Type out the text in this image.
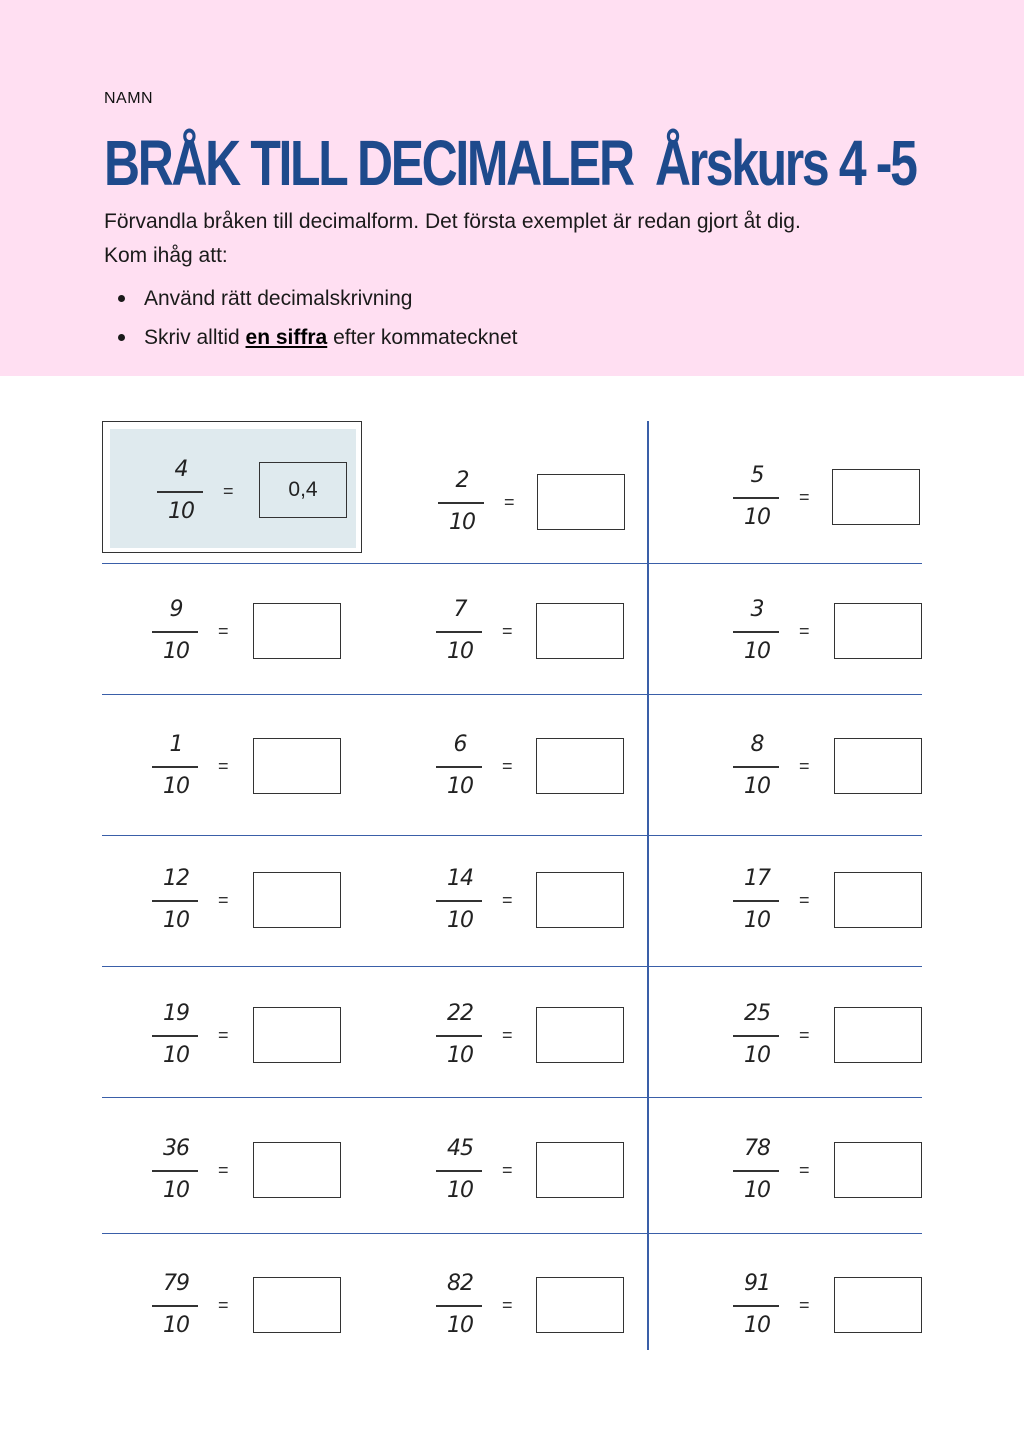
NAMN
BRÅK TILL DECIMALER Årskurs 4 -5
Förvandla bråken till decimalform. Det första exemplet är redan gjort åt dig.
Kom ihåg att:
Använd rätt decimalskrivning
Skriv alltid en siffra efter kommatecknet
4
10
=	0,4	2
10
=
5
10
=
9
10
=
7
10
=
3
10
=
1
10
=
6
10
=
8
10
=
12
10
=
14
10
=
17
10
=
19
10
=
22
10
=
25
10
=
36
10
=
45
10
=
78
10
=
79
10
=
82
10
=
91
10
=
